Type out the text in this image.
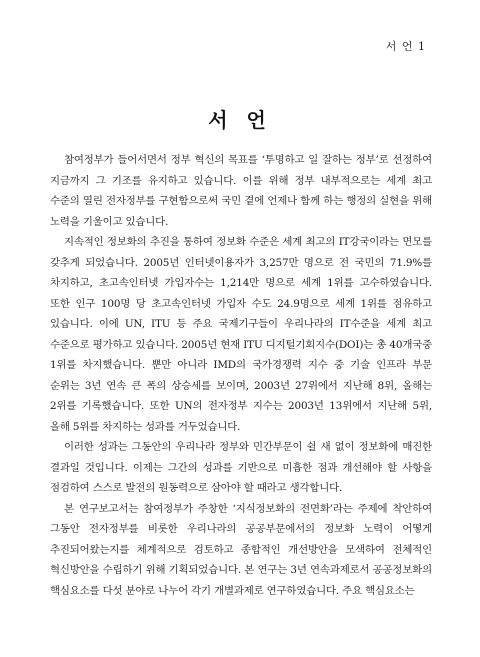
서 언 1
서 언

참여정부가 들어서면서 정부 혁신의 목표를 ‘투명하고 일 잘하는 정부’로 선정하여 지금까지 그 기조를 유지하고 있습니다. 이를 위해 정부 내부적으로는 세계 최고 수준의 열린 전자정부를 구현함으로써 국민 곁에 언제나 함께 하는 행정의 실현을 위해 노력을 기울이고 있습니다.

지속적인 정보화의 추진을 통하여 정보화 수준은 세계 최고의 IT강국이라는 면모를 갖추게 되었습니다. 2005년 인터넷이용자가 3,257만 명으로 전 국민의 71.9%를 차지하고, 초고속인터넷 가입자수는 1,214만 명으로 세계 1위를 고수하였습니다. 또한 인구 100명 당 초고속인터넷 가입자 수도 24.9명으로 세계 1위를 점유하고 있습니다. 이에 UN, ITU 등 주요 국제기구들이 우리나라의 IT수준을 세계 최고 수준으로 평가하고 있습니다. 2005년 현재 ITU 디지털기회지수(DOI)는 총 40개국중 1위를 차지했습니다. 뿐만 아니라 IMD의 국가경쟁력 지수 중 기술 인프라 부문 순위는 3년 연속 큰 폭의 상승세를 보이며, 2003년 27위에서 지난해 8위, 올해는 2위를 기록했습니다. 또한 UN의 전자정부 지수는 2003년 13위에서 지난해 5위, 올해 5위를 차지하는 성과를 거두었습니다.

이러한 성과는 그동안의 우리나라 정부와 민간부문이 쉴 새 없이 정보화에 매진한 결과일 것입니다. 이제는 그간의 성과를 기반으로 미흡한 점과 개선해야 할 사항을 점검하여 스스로 발전의 원동력으로 삼아야 할 때라고 생각합니다.

본 연구보고서는 참여정부가 주창한 ‘지식정보화의 전면화’라는 주제에 착안하여 그동안 전자정부를 비롯한 우리나라의 공공부문에서의 정보화 노력이 어떻게 추진되어왔는지를 체계적으로 검토하고 종합적인 개선방안을 모색하여 전체적인 혁신방안을 수립하기 위해 기획되었습니다. 본 연구는 3년 연속과제로서 공공정보화의 핵심요소를 다섯 분야로 나누어 각기 개별과제로 연구하였습니다. 주요 핵심요소는
